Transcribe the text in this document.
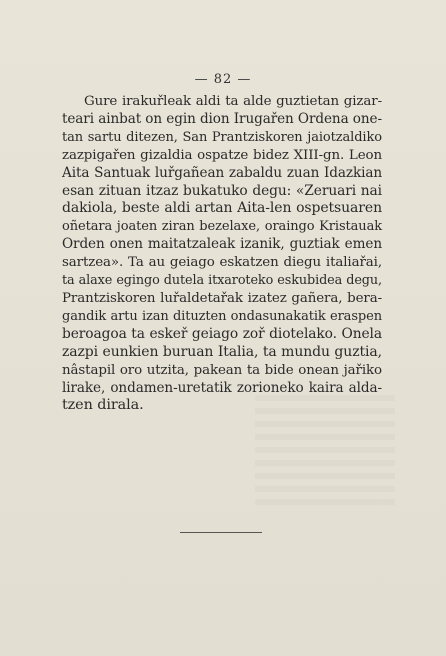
— 82 —
Gure irakuřleak aldi ta alde guztietan gizar-
teari ainbat on egin dion Irugařen Ordena one-
tan sartu ditezen, San Prantziskoren jaiotzaldiko
zazpigařen gizaldia ospatze bidez XIII-gn. Leon
Aita Santuak luřgañean zabaldu zuan Idazkian
esan zituan itzaz bukatuko degu: «Zeruari nai
dakiola, beste aldi artan Aita-len ospetsuaren
oñetara joaten ziran bezelaxe, oraingo Kristauak
Orden onen maitatzaleak izanik, guztiak emen
sartzea». Ta au geiago eskatzen diegu italiařai,
ta alaxe egingo dutela itxaroteko eskubidea degu,
Prantziskoren luřaldetařak izatez gañera, bera-
gandik artu izan dituzten ondasunakatik eraspen
beroagoa ta eskeř geiago zoř diotelako. Onela
zazpi eunkien buruan Italia, ta mundu guztia,
nâstapil oro utzita, pakean ta bide onean jařiko
lirake, ondamen-uretatik zorioneko kaira alda-
tzen dirala.
